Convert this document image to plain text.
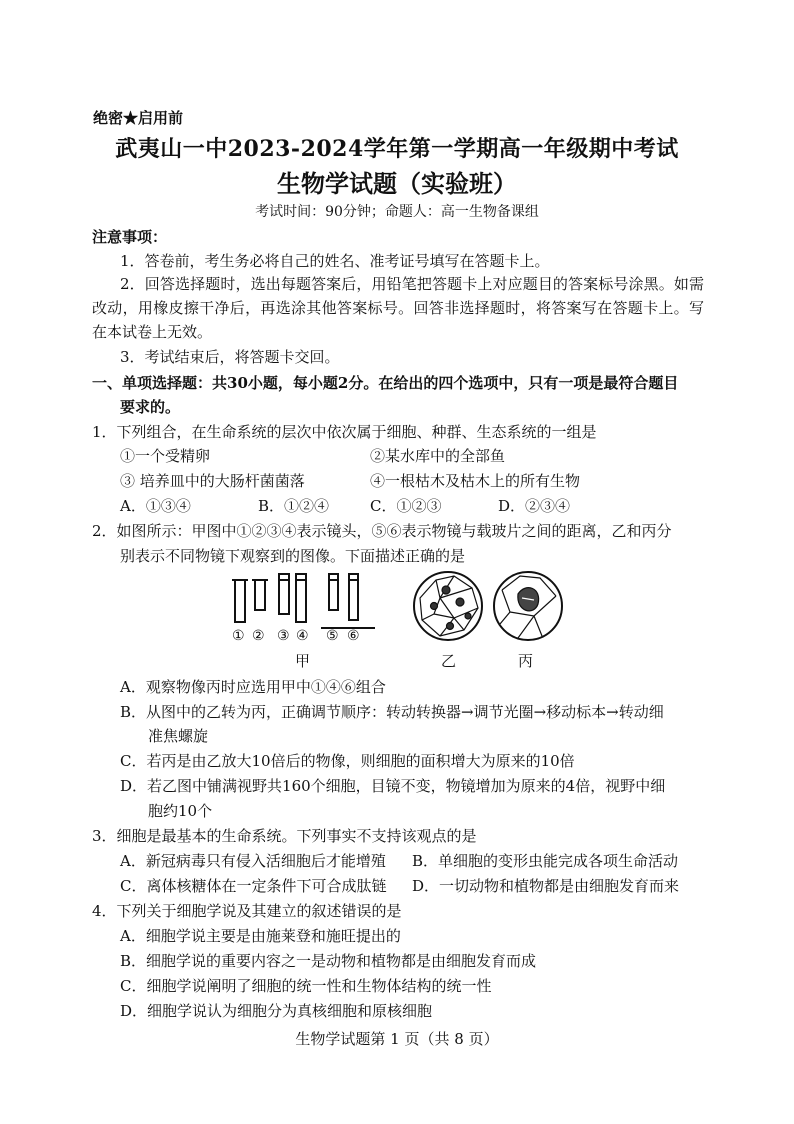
绝密★启用前
武夷山一中2023-2024学年第一学期高一年级期中考试
生物学试题（实验班）
考试时间：90分钟；命题人：高一生物备课组
注意事项：
1．答卷前，考生务必将自己的姓名、准考证号填写在答题卡上。
2．回答选择题时，选出每题答案后，用铅笔把答题卡上对应题目的答案标号涂黑。如需改动，用橡皮擦干净后，再选涂其他答案标号。回答非选择题时，将答案写在答题卡上。写在本试卷上无效。
3．考试结束后，将答题卡交回。
一、单项选择题：共30小题，每小题2分。在给出的四个选项中，只有一项是最符合题目
要求的。
1．下列组合，在生命系统的层次中依次属于细胞、种群、生态系统的一组是
①一个受精卵	②某水库中的全部鱼
③ 培养皿中的大肠杆菌菌落	④一根枯木及枯木上的所有生物
A．①③④	B．①②④	C．①②③	D．②③④
2．如图所示：甲图中①②③④表示镜头，⑤⑥表示物镜与载玻片之间的距离，乙和丙分
别表示不同物镜下观察到的图像。下面描述正确的是
① ② ③ ④ ⑤ ⑥
甲	乙	丙
A．观察物像丙时应选用甲中①④⑥组合
B．从图中的乙转为丙，正确调节顺序：转动转换器→调节光圈→移动标本→转动细
准焦螺旋
C．若丙是由乙放大10倍后的物像，则细胞的面积增大为原来的10倍
D．若乙图中铺满视野共160个细胞，目镜不变，物镜增加为原来的4倍，视野中细
胞约10个
3．细胞是最基本的生命系统。下列事实不支持该观点的是
A．新冠病毒只有侵入活细胞后才能增殖 B．单细胞的变形虫能完成各项生命活动
C．离体核糖体在一定条件下可合成肽链 D．一切动物和植物都是由细胞发育而来
4．下列关于细胞学说及其建立的叙述错误的是
A．细胞学说主要是由施莱登和施旺提出的
B．细胞学说的重要内容之一是动物和植物都是由细胞发育而成
C．细胞学说阐明了细胞的统一性和生物体结构的统一性
D．细胞学说认为细胞分为真核细胞和原核细胞
生物学试题第 1 页（共 8 页）
